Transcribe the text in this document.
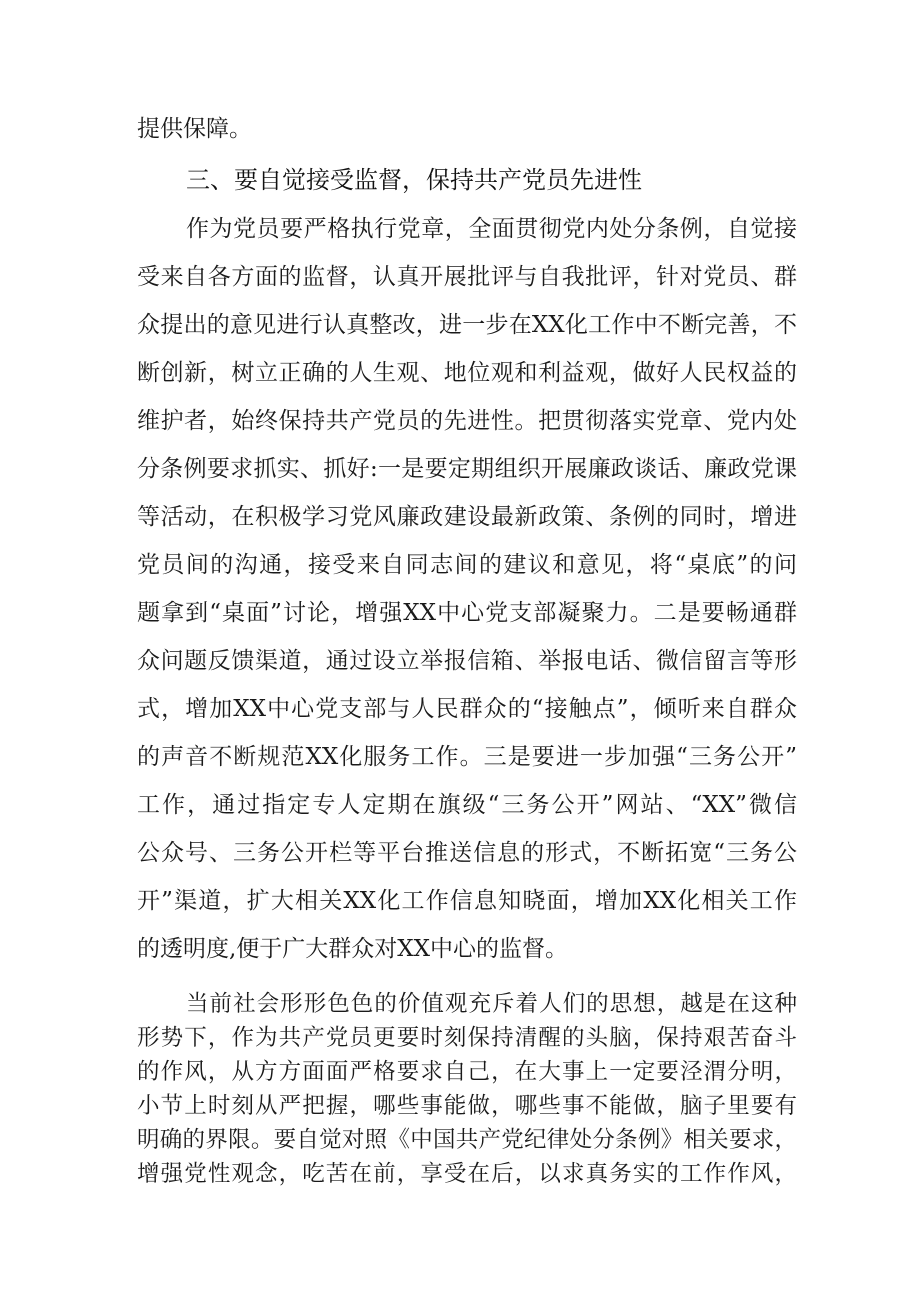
提供保障。
三、要自觉接受监督，保持共产党员先进性
作为党员要严格执行党章，全面贯彻党内处分条例，自觉接
受来自各方面的监督，认真开展批评与自我批评，针对党员、群
众提出的意见进行认真整改，进一步在XX化工作中不断完善，不
断创新，树立正确的人生观、地位观和利益观，做好人民权益的
维护者，始终保持共产党员的先进性。把贯彻落实党章、党内处
分条例要求抓实、抓好:一是要定期组织开展廉政谈话、廉政党课
等活动，在积极学习党风廉政建设最新政策、条例的同时，增进
党员间的沟通，接受来自同志间的建议和意见，将“桌底”的问
题拿到“桌面”讨论，增强XX中心党支部凝聚力。二是要畅通群
众问题反馈渠道，通过设立举报信箱、举报电话、微信留言等形
式，增加XX中心党支部与人民群众的“接触点”，倾听来自群众
的声音不断规范XX化服务工作。三是要进一步加强“三务公开”
工作，通过指定专人定期在旗级“三务公开”网站、“XX”微信
公众号、三务公开栏等平台推送信息的形式，不断拓宽“三务公
开”渠道，扩大相关XX化工作信息知晓面，增加XX化相关工作
的透明度,便于广大群众对XX中心的监督。
当前社会形形色色的价值观充斥着人们的思想，越是在这种
形势下，作为共产党员更要时刻保持清醒的头脑，保持艰苦奋斗
的作风，从方方面面严格要求自己，在大事上一定要泾渭分明，
小节上时刻从严把握，哪些事能做，哪些事不能做，脑子里要有
明确的界限。要自觉对照《中国共产党纪律处分条例》相关要求，
增强党性观念，吃苦在前，享受在后，以求真务实的工作作风，
